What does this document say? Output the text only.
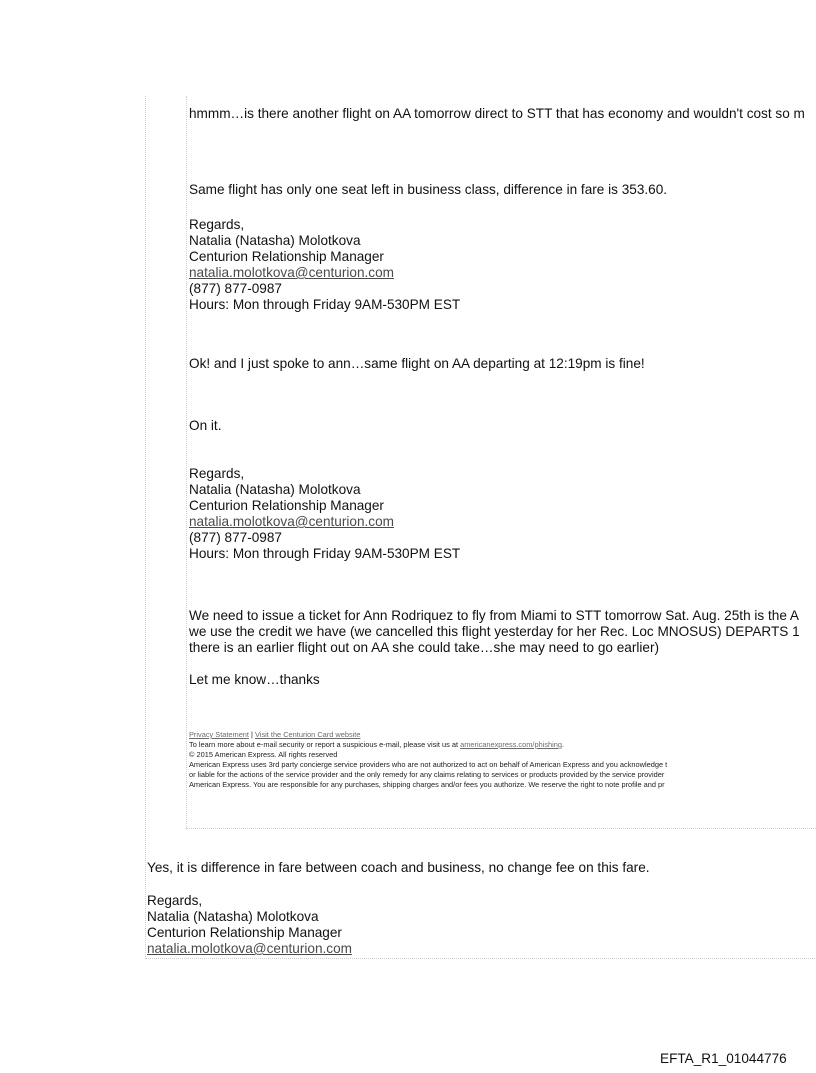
hmmm…is there another flight on AA tomorrow direct to STT that has economy and wouldn't cost so m
Same flight has only one seat left in business class, difference in fare is 353.60.
Regards,
Natalia (Natasha) Molotkova
Centurion Relationship Manager
natalia.molotkova@centurion.com
(877) 877-0987
Hours: Mon through Friday 9AM-530PM EST
Ok! and I just spoke to ann…same flight on AA departing at 12:19pm is fine!
On it.
Regards,
Natalia (Natasha) Molotkova
Centurion Relationship Manager
natalia.molotkova@centurion.com
(877) 877-0987
Hours: Mon through Friday 9AM-530PM EST
We need to issue a ticket for Ann Rodriquez to fly from Miami to STT tomorrow Sat. Aug. 25th is the A
we use the credit we have (we cancelled this flight yesterday for her Rec. Loc MNOSUS) DEPARTS 1
there is an earlier flight out on AA she could take…she may need to go earlier)
Let me know…thanks
Privacy Statement | Visit the Centurion Card website
To learn more about e-mail security or report a suspicious e-mail, please visit us at americanexpress.com/phishing.
© 2015 American Express. All rights reserved
American Express uses 3rd party concierge service providers who are not authorized to act on behalf of American Express and you acknowledge t
or liable for the actions of the service provider and the only remedy for any claims relating to services or products provided by the service provider
American Express. You are responsible for any purchases, shipping charges and/or fees you authorize. We reserve the right to note profile and pr
Yes, it is difference in fare between coach and business, no change fee on this fare.
Regards,
Natalia (Natasha) Molotkova
Centurion Relationship Manager
natalia.molotkova@centurion.com
EFTA_R1_01044776
